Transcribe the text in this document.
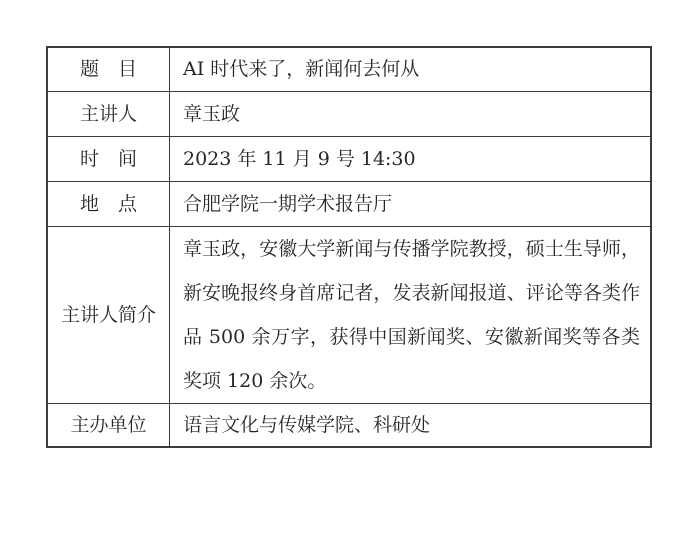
题　目 AI 时代来了，新闻何去何从
主讲人 章玉政
时　间 2023 年 11 月 9 号 14:30
地　点 合肥学院一期学术报告厅
主讲人简介
章玉政，安徽大学新闻与传播学院教授，硕士生导师，新安晚报终身首席记者，发表新闻报道、评论等各类作品 500 余万字，获得中国新闻奖、安徽新闻奖等各类奖项 120 余次。
主办单位 语言文化与传媒学院、科研处
